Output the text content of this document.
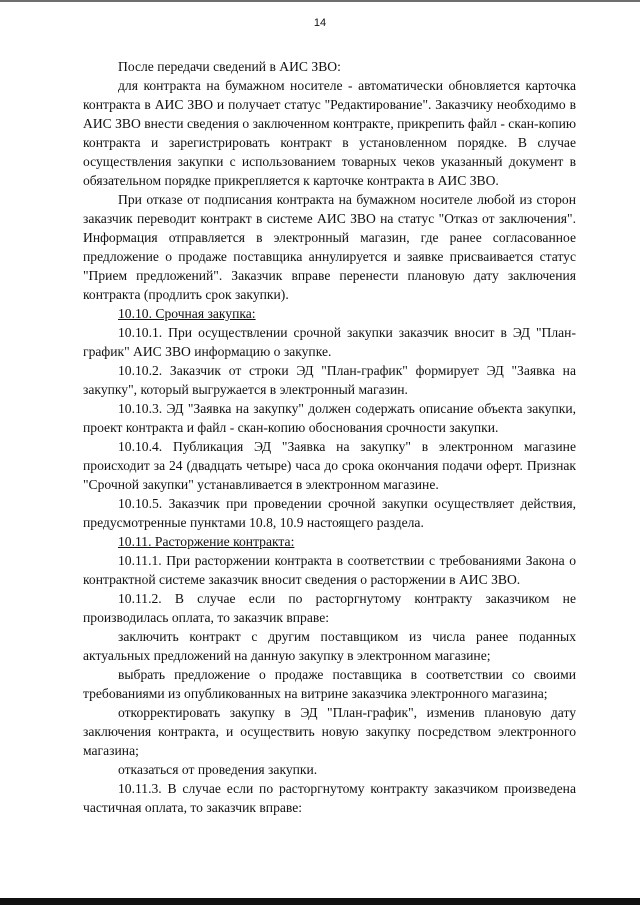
14

После передачи сведений в АИС ЗВО:

для контракта на бумажном носителе - автоматически обновляется карточка контракта в АИС ЗВО и получает статус "Редактирование". Заказчику необходимо в АИС ЗВО внести сведения о заключенном контракте, прикрепить файл - скан-копию контракта и зарегистрировать контракт в установленном порядке. В случае осуществления закупки с использованием товарных чеков указанный документ в обязательном порядке прикрепляется к карточке контракта в АИС ЗВО.

При отказе от подписания контракта на бумажном носителе любой из сторон заказчик переводит контракт в системе АИС ЗВО на статус "Отказ от заключения". Информация отправляется в электронный магазин, где ранее согласованное предложение о продаже поставщика аннулируется и заявке присваивается статус "Прием предложений". Заказчик вправе перенести плановую дату заключения контракта (продлить срок закупки).

10.10. Срочная закупка:

10.10.1. При осуществлении срочной закупки заказчик вносит в ЭД "План-график" АИС ЗВО информацию о закупке.

10.10.2. Заказчик от строки ЭД "План-график" формирует ЭД "Заявка на закупку", который выгружается в электронный магазин.

10.10.3. ЭД "Заявка на закупку" должен содержать описание объекта закупки, проект контракта и файл - скан-копию обоснования срочности закупки.

10.10.4. Публикация ЭД "Заявка на закупку" в электронном магазине происходит за 24 (двадцать четыре) часа до срока окончания подачи оферт. Признак "Срочной закупки" устанавливается в электронном магазине.

10.10.5. Заказчик при проведении срочной закупки осуществляет действия, предусмотренные пунктами 10.8, 10.9 настоящего раздела.

10.11. Расторжение контракта:

10.11.1. При расторжении контракта в соответствии с требованиями Закона о контрактной системе заказчик вносит сведения о расторжении в АИС ЗВО.

10.11.2. В случае если по расторгнутому контракту заказчиком не производилась оплата, то заказчик вправе:

заключить контракт с другим поставщиком из числа ранее поданных актуальных предложений на данную закупку в электронном магазине;

выбрать предложение о продаже поставщика в соответствии со своими требованиями из опубликованных на витрине заказчика электронного магазина;

откорректировать закупку в ЭД "План-график", изменив плановую дату заключения контракта, и осуществить новую закупку посредством электронного магазина;

отказаться от проведения закупки.

10.11.3. В случае если по расторгнутому контракту заказчиком произведена частичная оплата, то заказчик вправе:
